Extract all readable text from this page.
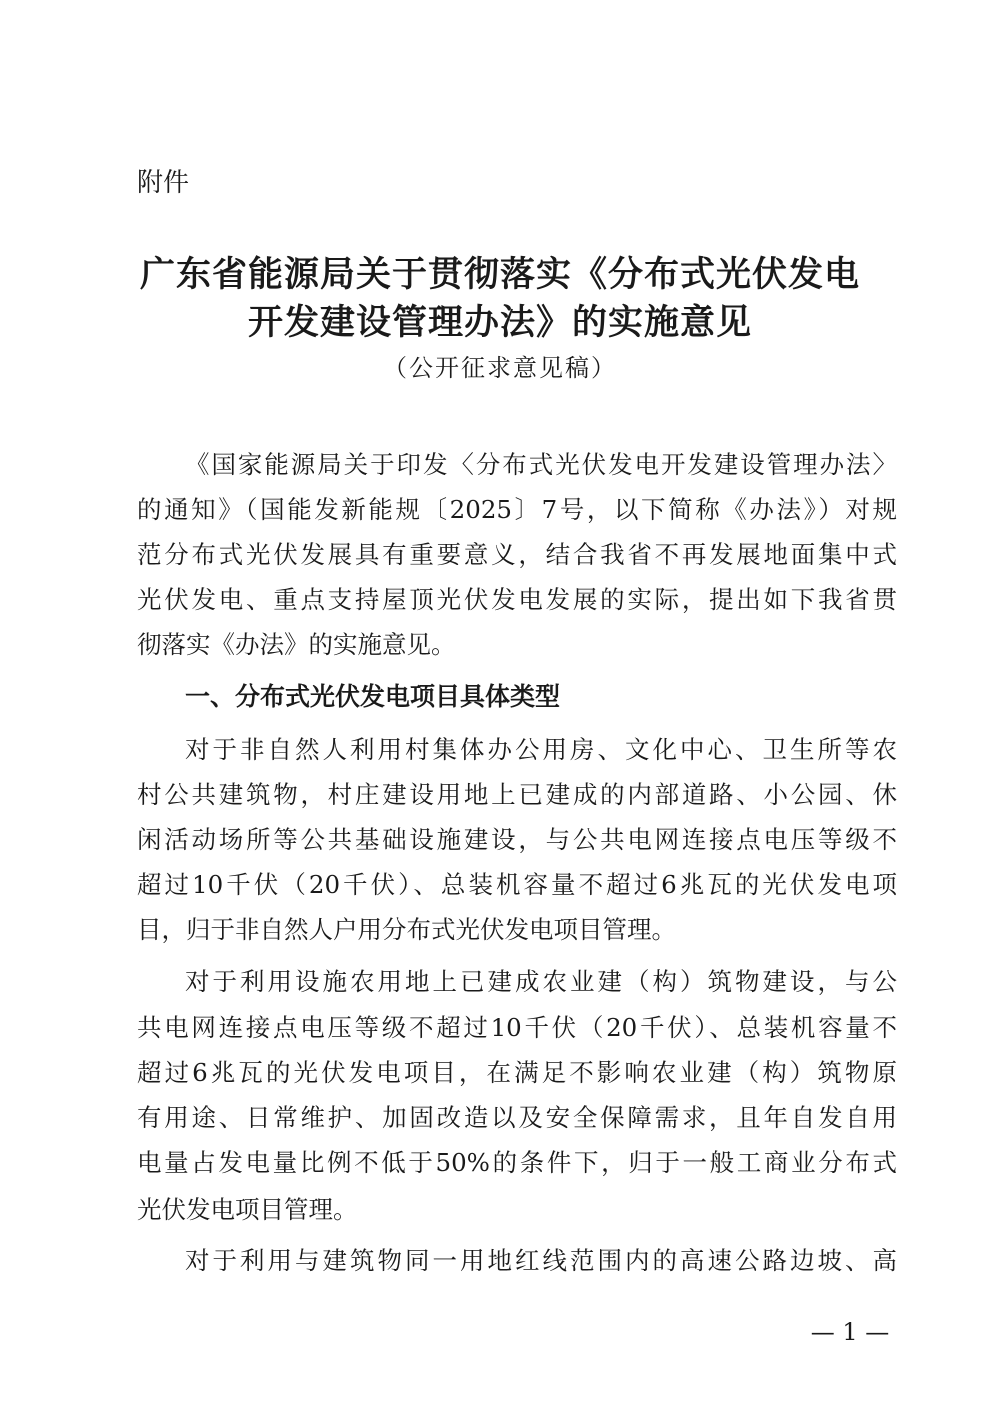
附件
广东省能源局关于贯彻落实《分布式光伏发电
开发建设管理办法》的实施意见
（公开征求意见稿）
《国家能源局关于印发〈分布式光伏发电开发建设管理办法〉
的通知》（国能发新能规〔2025〕7号，以下简称《办法》）对规
范分布式光伏发展具有重要意义，结合我省不再发展地面集中式
光伏发电、重点支持屋顶光伏发电发展的实际，提出如下我省贯
彻落实《办法》的实施意见。
一、分布式光伏发电项目具体类型
对于非自然人利用村集体办公用房、文化中心、卫生所等农
村公共建筑物，村庄建设用地上已建成的内部道路、小公园、休
闲活动场所等公共基础设施建设，与公共电网连接点电压等级不
超过10千伏（20千伏）、总装机容量不超过6兆瓦的光伏发电项
目，归于非自然人户用分布式光伏发电项目管理。
对于利用设施农用地上已建成农业建（构）筑物建设，与公
共电网连接点电压等级不超过10千伏（20千伏）、总装机容量不
超过6兆瓦的光伏发电项目，在满足不影响农业建（构）筑物原
有用途、日常维护、加固改造以及安全保障需求，且年自发自用
电量占发电量比例不低于50%的条件下，归于一般工商业分布式
光伏发电项目管理。
对于利用与建筑物同一用地红线范围内的高速公路边坡、高
— 1 —
